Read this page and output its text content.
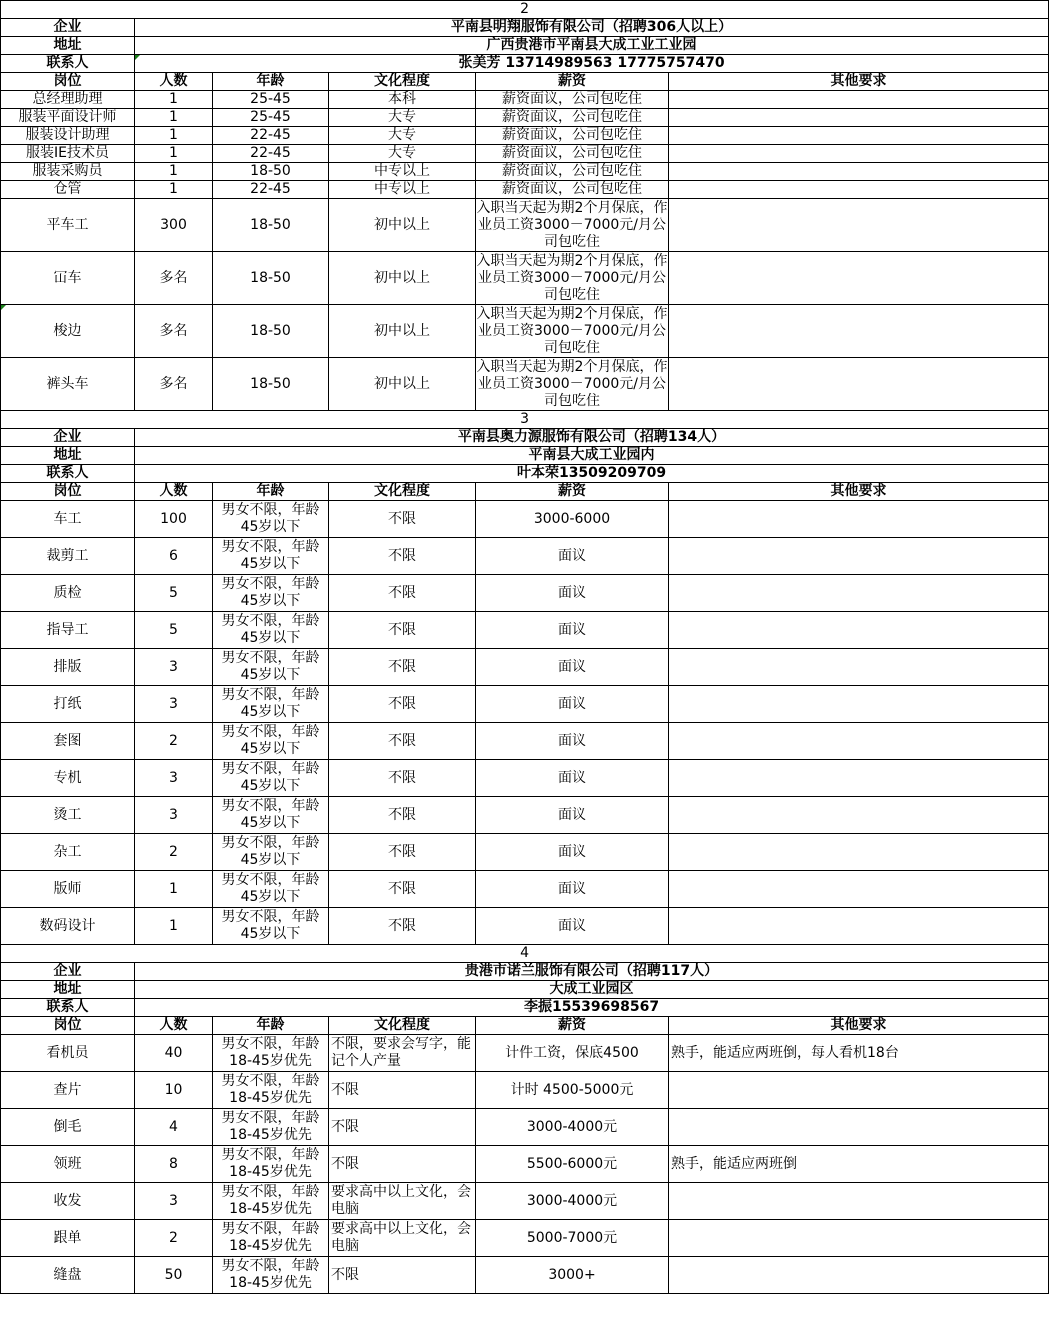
2					
企业	平南县明翔服饰有限公司（招聘306人以上）				
地址	广西贵港市平南县大成工业工业园				
联系人	张美芳 13714989563 17775757470				
岗位	人数	年龄	文化程度	薪资	其他要求
总经理助理	1	25-45	本科	薪资面议，公司包吃住	
服装平面设计师	1	25-45	大专	薪资面议，公司包吃住	
服装设计助理	1	22-45	大专	薪资面议，公司包吃住	
服装IE技术员	1	22-45	大专	薪资面议，公司包吃住	
服装采购员	1	18-50	中专以上	薪资面议，公司包吃住	
仓管	1	22-45	中专以上	薪资面议，公司包吃住	
平车工	300	18-50	初中以上	入职当天起为期2个月保底，作业员工资3000－7000元/月公司包吃住	
冚车	多名	18-50	初中以上	入职当天起为期2个月保底，作业员工资3000－7000元/月公司包吃住	

梭边	多名	18-50	初中以上	入职当天起为期2个月保底，作业员工资3000－7000元/月公司包吃住	
裤头车	多名	18-50	初中以上	入职当天起为期2个月保底，作业员工资3000－7000元/月公司包吃住	
3					
企业	平南县奥力源服饰有限公司（招聘134人）				
地址	平南县大成工业园内				
联系人	叶本荣13509209709				
岗位	人数	年龄	文化程度	薪资	其他要求
车工	100	男女不限，年龄45岁以下	不限	3000-6000	
裁剪工	6	男女不限，年龄45岁以下	不限	面议	
质检	5	男女不限，年龄45岁以下	不限	面议	
指导工	5	男女不限，年龄45岁以下	不限	面议	
排版	3	男女不限，年龄45岁以下	不限	面议	
打纸	3	男女不限，年龄45岁以下	不限	面议	
套图	2	男女不限，年龄45岁以下	不限	面议	
专机	3	男女不限，年龄45岁以下	不限	面议	
烫工	3	男女不限，年龄45岁以下	不限	面议	
杂工	2	男女不限，年龄45岁以下	不限	面议	
版师	1	男女不限，年龄45岁以下	不限	面议	
数码设计	1	男女不限，年龄45岁以下	不限	面议	
4					
企业	贵港市诺兰服饰有限公司（招聘117人）				
地址	大成工业园区				
联系人	李振15539698567				
岗位	人数	年龄	文化程度	薪资	其他要求
看机员	40	男女不限，年龄18-45岁优先	不限，要求会写字，能记个人产量	计件工资，保底4500	熟手，能适应两班倒，每人看机18台
查片	10	男女不限，年龄18-45岁优先	不限	计时 4500-5000元	
倒毛	4	男女不限，年龄18-45岁优先	不限	3000-4000元	
领班	8	男女不限，年龄18-45岁优先	不限	5500-6000元	熟手，能适应两班倒
收发	3	男女不限，年龄18-45岁优先	要求高中以上文化，会电脑	3000-4000元	
跟单	2	男女不限，年龄18-45岁优先	要求高中以上文化，会电脑	5000-7000元	
缝盘	50	男女不限，年龄18-45岁优先	不限	3000+	
